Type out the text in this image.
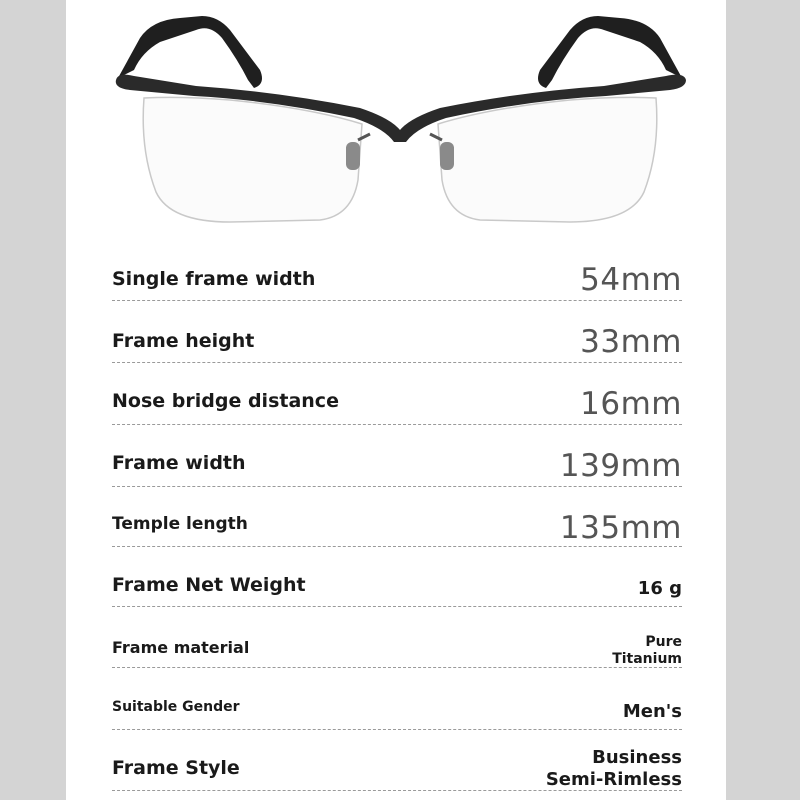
Single frame width	54mm
Frame height	33mm
Nose bridge distance	16mm
Frame width	139mm
Temple length	135mm
Frame Net Weight	16 g
Frame material	Pure
Titanium
Suitable Gender	Men's
Frame Style	Business
Semi-Rimless
